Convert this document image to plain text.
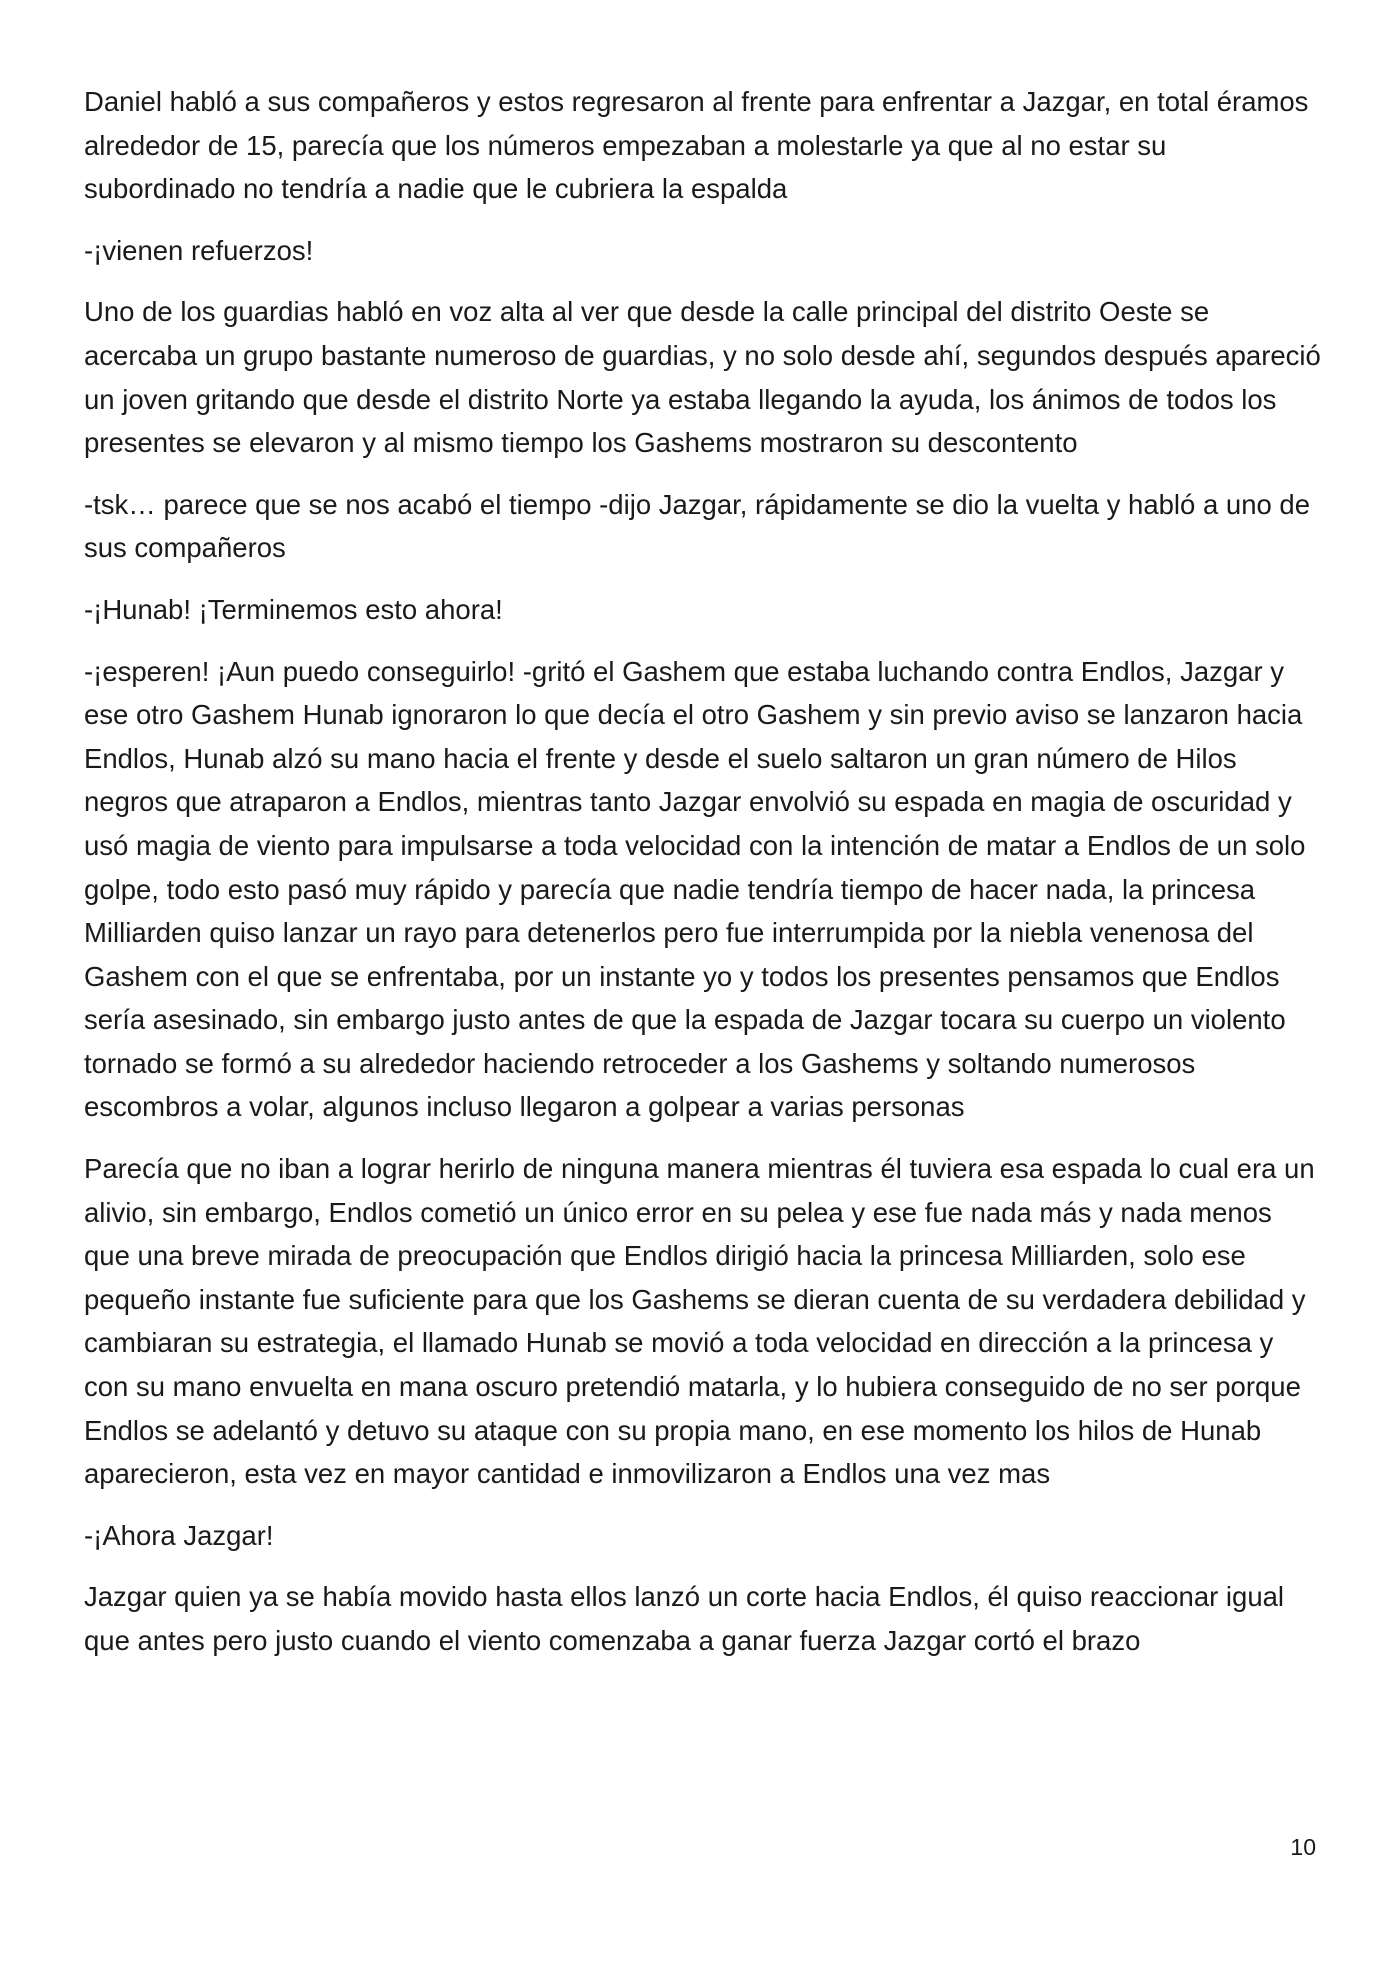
Daniel habló a sus compañeros y estos regresaron al frente para enfrentar a Jazgar, en total éramos alrededor de 15, parecía que los números empezaban a molestarle ya que al no estar su subordinado no tendría a nadie que le cubriera la espalda

-¡vienen refuerzos!

Uno de los guardias habló en voz alta al ver que desde la calle principal del distrito Oeste se acercaba un grupo bastante numeroso de guardias, y no solo desde ahí, segundos después apareció un joven gritando que desde el distrito Norte ya estaba llegando la ayuda, los ánimos de todos los presentes se elevaron y al mismo tiempo los Gashems mostraron su descontento

-tsk… parece que se nos acabó el tiempo -dijo Jazgar, rápidamente se dio la vuelta y habló a uno de sus compañeros

-¡Hunab! ¡Terminemos esto ahora!

-¡esperen! ¡Aun puedo conseguirlo! -gritó el Gashem que estaba luchando contra Endlos, Jazgar y ese otro Gashem Hunab ignoraron lo que decía el otro Gashem y sin previo aviso se lanzaron hacia Endlos, Hunab alzó su mano hacia el frente y desde el suelo saltaron un gran número de Hilos negros que atraparon a Endlos, mientras tanto Jazgar envolvió su espada en magia de oscuridad y usó magia de viento para impulsarse a toda velocidad con la intención de matar a Endlos de un solo golpe, todo esto pasó muy rápido y parecía que nadie tendría tiempo de hacer nada, la princesa Milliarden quiso lanzar un rayo para detenerlos pero fue interrumpida por la niebla venenosa del Gashem con el que se enfrentaba, por un instante yo y todos los presentes pensamos que Endlos sería asesinado, sin embargo justo antes de que la espada de Jazgar tocara su cuerpo un violento tornado se formó a su alrededor haciendo retroceder a los Gashems y soltando numerosos escombros a volar, algunos incluso llegaron a golpear a varias personas

Parecía que no iban a lograr herirlo de ninguna manera mientras él tuviera esa espada lo cual era un alivio, sin embargo, Endlos cometió un único error en su pelea y ese fue nada más y nada menos que una breve mirada de preocupación que Endlos dirigió hacia la princesa Milliarden, solo ese pequeño instante fue suficiente para que los Gashems se dieran cuenta de su verdadera debilidad y cambiaran su estrategia, el llamado Hunab se movió a toda velocidad en dirección a la princesa y con su mano envuelta en mana oscuro pretendió matarla, y lo hubiera conseguido de no ser porque Endlos se adelantó y detuvo su ataque con su propia mano, en ese momento los hilos de Hunab aparecieron, esta vez en mayor cantidad e inmovilizaron a Endlos una vez mas

-¡Ahora Jazgar!

Jazgar quien ya se había movido hasta ellos lanzó un corte hacia Endlos, él quiso reaccionar igual que antes pero justo cuando el viento comenzaba a ganar fuerza Jazgar cortó el brazo

10
